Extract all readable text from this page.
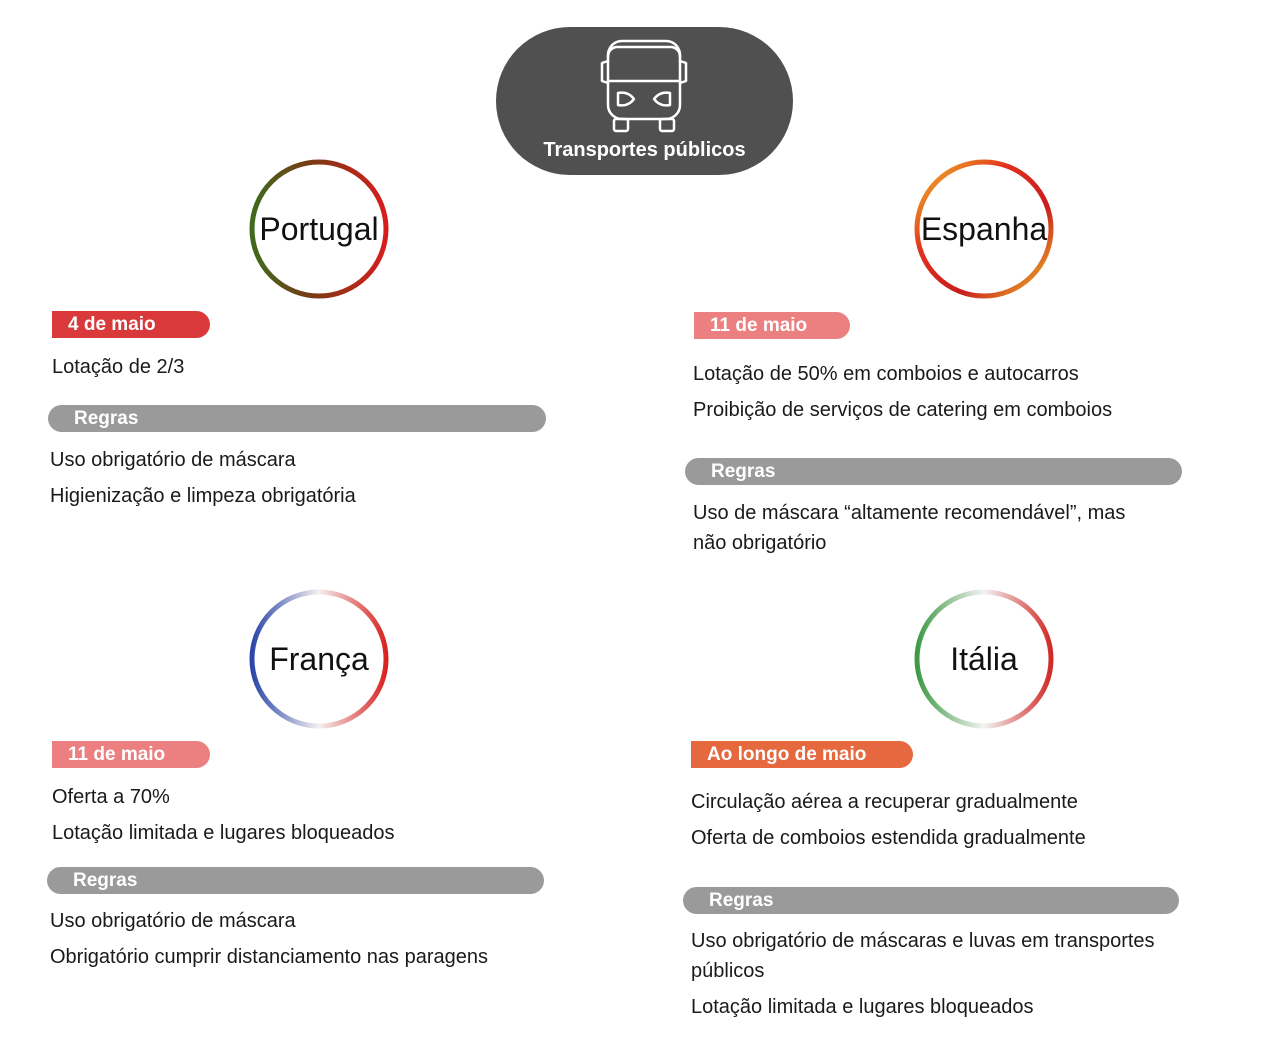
Transportes públicos
Portugal
4 de maio
Lotação de 2/3
Regras
Uso obrigatório de máscara
Higienização e limpeza obrigatória
Espanha
11 de maio
Lotação de 50% em comboios e autocarros
Proibição de serviços de catering em comboios
Regras
Uso de máscara “altamente recomendável”, mas
não obrigatório
França
11 de maio
Oferta a 70%
Lotação limitada e lugares bloqueados
Regras
Uso obrigatório de máscara
Obrigatório cumprir distanciamento nas paragens
Itália
Ao longo de maio
Circulação aérea a recuperar gradualmente
Oferta de comboios estendida gradualmente
Regras
Uso obrigatório de máscaras e luvas em transportes
públicos
Lotação limitada e lugares bloqueados
